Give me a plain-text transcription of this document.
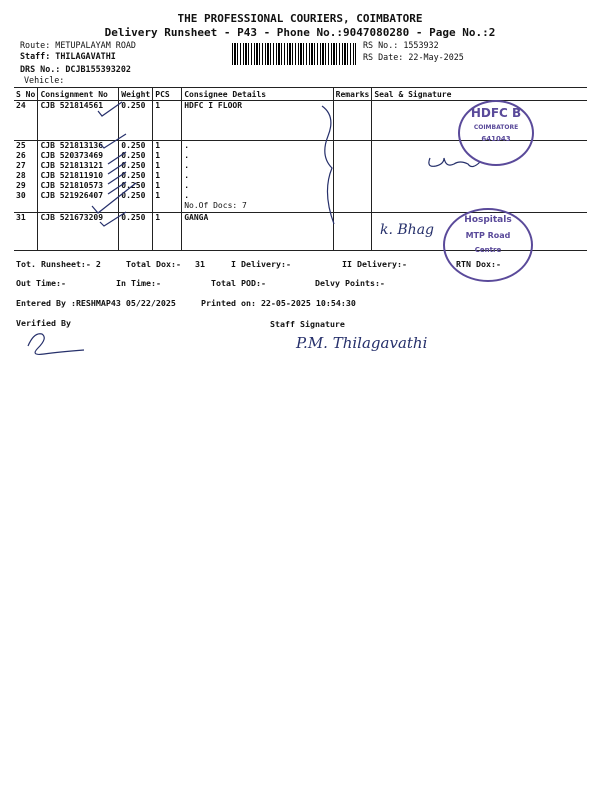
THE PROFESSIONAL COURIERS, COIMBATORE
Delivery Runsheet - P43 - Phone No.:9047080280 - Page No.:2
Route: METUPALAYAM ROAD
Staff: THILAGAVATHI
DRS No.: DCJB155393202
Vehicle:
RS No.: 1553932
RS Date: 22-May-2025
S No	Consignment No	Weight	PCS	Consignee Details	Remarks	Seal & Signature
24	CJB 521814561	0.250	1	HDFC I FLOOR		
25	CJB 521813136	0.250	1	.		
26	CJB 520373469	0.250	1	.		
27	CJB 521813121	0.250	1	.		
28	CJB 521811910	0.250	1	.		
29	CJB 521810573	0.250	1	.		
30	CJB 521926407	0.250	1	.		
				No.Of Docs: 7		
31	CJB 521673209	0.250	1	GANGA		
k. Bhag
HDFC B
COIMBATORE
641043
Hospitals
MTP Road
Centre
Tot. Runsheet:- 2	Total Dox:- 31	I Delivery:-	II Delivery:-	RTN Dox:-
Out Time:-	In Time:-	Total POD:-	Delvy Points:-
Entered By :RESHMAP43 05/22/2025	Printed on: 22-05-2025 10:54:30
Verified By	Staff Signature
P.M. Thilagavathi
